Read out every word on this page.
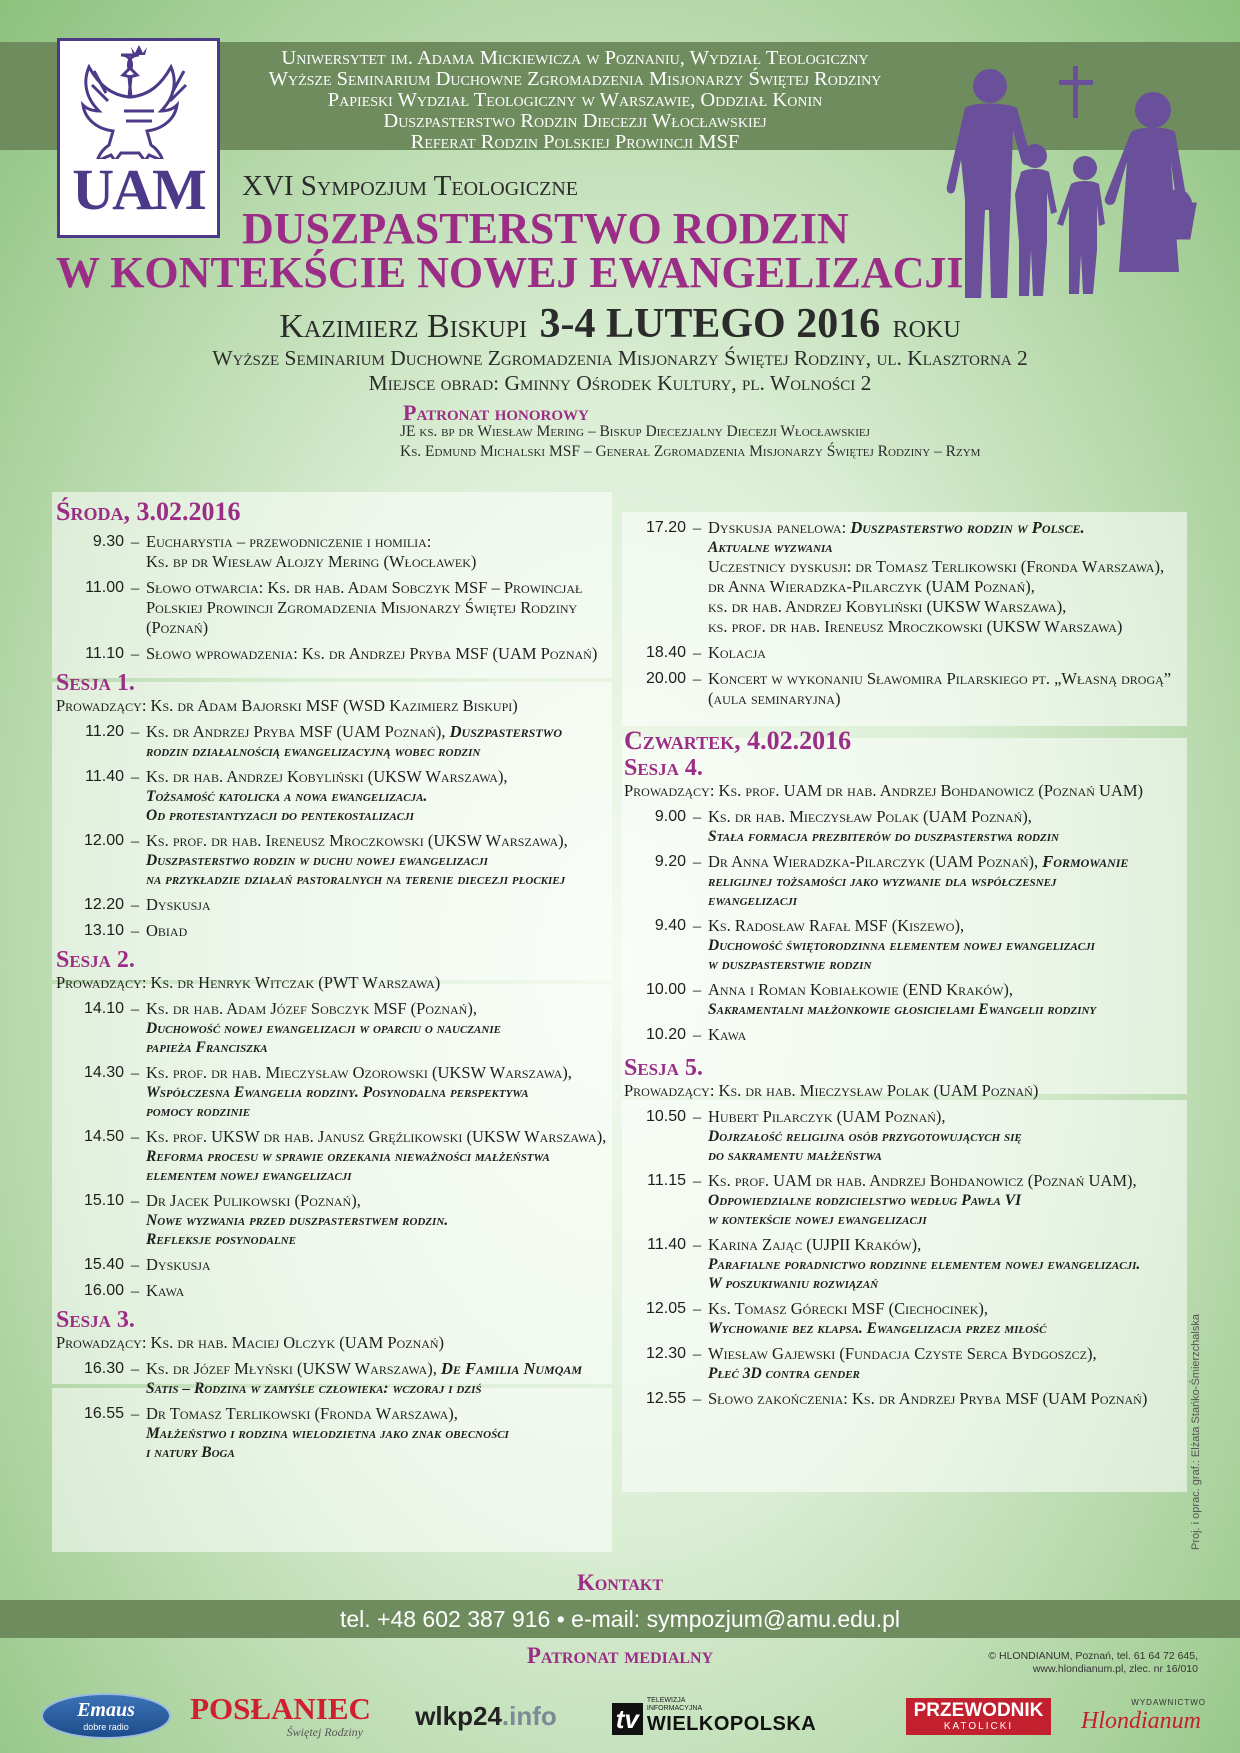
UAM
Uniwersytet im. Adama Mickiewicza w Poznaniu, Wydział Teologiczny
Wyższe Seminarium Duchowne Zgromadzenia Misjonarzy Świętej Rodziny
Papieski Wydział Teologiczny w Warszawie, Oddział Konin
Duszpasterstwo Rodzin Diecezji Włocławskiej
Referat Rodzin Polskiej Prowincji MSF
XVI Sympozjum Teologiczne
DUSZPASTERSTWO RODZIN
W KONTEKŚCIE NOWEJ EWANGELIZACJI
Kazimierz Biskupi 3-4 LUTEGO 2016 roku
Wyższe Seminarium Duchowne Zgromadzenia Misjonarzy Świętej Rodziny, ul. Klasztorna 2
Miejsce obrad: Gminny Ośrodek Kultury, pl. Wolności 2
Patronat honorowy
JE ks. bp dr Wiesław Mering – Biskup Diecezjalny Diecezji Włocławskiej
Ks. Edmund Michalski MSF – Generał Zgromadzenia Misjonarzy Świętej Rodziny – Rzym
Środa, 3.02.2016
9.30 – Eucharystia – przewodniczenie i homilia:
Ks. bp dr Wiesław Alojzy Mering (Włocławek)
11.00 – Słowo otwarcia: Ks. dr hab. Adam Sobczyk MSF – Prowincjał
Polskiej Prowincji Zgromadzenia Misjonarzy Świętej Rodziny
(Poznań)
11.10 – Słowo wprowadzenia: Ks. dr Andrzej Pryba MSF (UAM Poznań)
Sesja 1.
Prowadzący: Ks. dr Adam Bajorski MSF (WSD Kazimierz Biskupi)
11.20 – Ks. dr Andrzej Pryba MSF (UAM Poznań), Duszpasterstwo
rodzin działalnością ewangelizacyjną wobec rodzin
11.40 – Ks. dr hab. Andrzej Kobyliński (UKSW Warszawa),
Tożsamość katolicka a nowa ewangelizacja.
Od protestantyzacji do pentekostalizacji
12.00 – Ks. prof. dr hab. Ireneusz Mroczkowski (UKSW Warszawa),
Duszpasterstwo rodzin w duchu nowej ewangelizacji
na przykładzie działań pastoralnych na terenie diecezji płockiej
12.20 – Dyskusja
13.10 – Obiad
Sesja 2.
Prowadzący: Ks. dr Henryk Witczak (PWT Warszawa)
14.10 – Ks. dr hab. Adam Józef Sobczyk MSF (Poznań),
Duchowość nowej ewangelizacji w oparciu o nauczanie
papieża Franciszka
14.30 – Ks. prof. dr hab. Mieczysław Ozorowski (UKSW Warszawa),
Współczesna Ewangelia rodziny. Posynodalna perspektywa
pomocy rodzinie
14.50 – Ks. prof. UKSW dr hab. Janusz Gręźlikowski (UKSW Warszawa),
Reforma procesu w sprawie orzekania nieważności małżeństwa
elementem nowej ewangelizacji
15.10 – Dr Jacek Pulikowski (Poznań),
Nowe wyzwania przed duszpasterstwem rodzin.
Refleksje posynodalne
15.40 – Dyskusja
16.00 – Kawa
Sesja 3.
Prowadzący: Ks. dr hab. Maciej Olczyk (UAM Poznań)
16.30 – Ks. dr Józef Młyński (UKSW Warszawa), De Familia Numqam
Satis – Rodzina w zamyśle człowieka: wczoraj i dziś
16.55 – Dr Tomasz Terlikowski (Fronda Warszawa),
Małżeństwo i rodzina wielodzietna jako znak obecności
i natury Boga
17.20 – Dyskusja panelowa: Duszpasterstwo rodzin w Polsce.
Aktualne wyzwania
Uczestnicy dyskusji: dr Tomasz Terlikowski (Fronda Warszawa),
dr Anna Wieradzka-Pilarczyk (UAM Poznań),
ks. dr hab. Andrzej Kobyliński (UKSW Warszawa),
ks. prof. dr hab. Ireneusz Mroczkowski (UKSW Warszawa)
18.40 – Kolacja
20.00 – Koncert w wykonaniu Sławomira Pilarskiego pt. „Własną drogą”
(aula seminaryjna)
Czwartek, 4.02.2016
Sesja 4.
Prowadzący: Ks. prof. UAM dr hab. Andrzej Bohdanowicz (Poznań UAM)
9.00 – Ks. dr hab. Mieczysław Polak (UAM Poznań),
Stała formacja prezbiterów do duszpasterstwa rodzin
9.20 – Dr Anna Wieradzka-Pilarczyk (UAM Poznań), Formowanie
religijnej tożsamości jako wyzwanie dla współczesnej
ewangelizacji
9.40 – Ks. Radosław Rafał MSF (Kiszewo),
Duchowość świętorodzinna elementem nowej ewangelizacji
w duszpasterstwie rodzin
10.00 – Anna i Roman Kobiałkowie (END Kraków),
Sakramentalni małżonkowie głosicielami Ewangelii rodziny
10.20 – Kawa
Sesja 5.
Prowadzący: Ks. dr hab. Mieczysław Polak (UAM Poznań)
10.50 – Hubert Pilarczyk (UAM Poznań),
Dojrzałość religijna osób przygotowujących się
do sakramentu małżeństwa
11.15 – Ks. prof. UAM dr hab. Andrzej Bohdanowicz (Poznań UAM),
Odpowiedzialne rodzicielstwo według Pawła VI
w kontekście nowej ewangelizacji
11.40 – Karina Zając (UJPII Kraków),
Parafialne poradnictwo rodzinne elementem nowej ewangelizacji.
W poszukiwaniu rozwiązań
12.05 – Ks. Tomasz Górecki MSF (Ciechocinek),
Wychowanie bez klapsa. Ewangelizacja przez miłość
12.30 – Wiesław Gajewski (Fundacja Czyste Serca Bydgoszcz),
Płeć 3D contra gender
12.55 – Słowo zakończenia: Ks. dr Andrzej Pryba MSF (UAM Poznań)	Proj. i oprac. graf.: Elżata Stańko-Śmierzchalska
Kontakt
tel. +48 602 387 916 • e-mail: sympozjum@amu.edu.pl
Patronat medialny	© HLONDIANUM, Poznań, tel. 61 64 72 645,
www.hlondianum.pl, zlec. nr 16/010
Emaus
dobre radio
POSŁANIEC
Świętej Rodziny
wlkp24 .info tv
TELEWIZJA
INFORMACYJNA
WIELKOPOLSKA
PRZEWODNIK
KATOLICKI
WYDAWNICTWO
Hlondianum
